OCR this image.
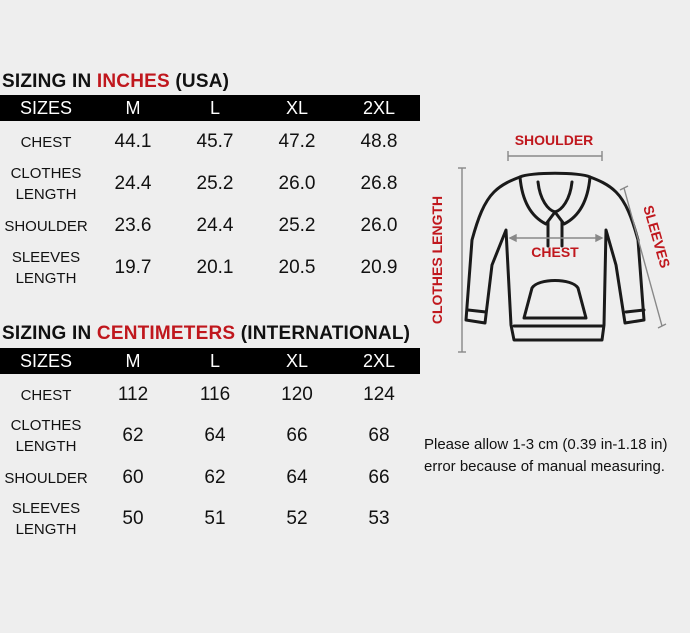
SIZING IN INCHES (USA)
SIZES	M	L	XL	2XL
CHEST	44.1	45.7	47.2	48.8
CLOTHES
LENGTH
24.4	25.2	26.0	26.8
SHOULDER	23.6	24.4	25.2	26.0
SLEEVES
LENGTH
19.7	20.1	20.5	20.9
SIZING IN CENTIMETERS (INTERNATIONAL)
SIZES	M	L	XL	2XL
CHEST	112	116	120	124
CLOTHES
LENGTH
62	64	66	68
SHOULDER	60	62	64	66
SLEEVES
LENGTH
50	51	52	53
SHOULDER
CHEST
CLOTHES LENGTH	SLEEVES
Please allow 1-3 cm (0.39 in-1.18 in)
error because of manual measuring.
